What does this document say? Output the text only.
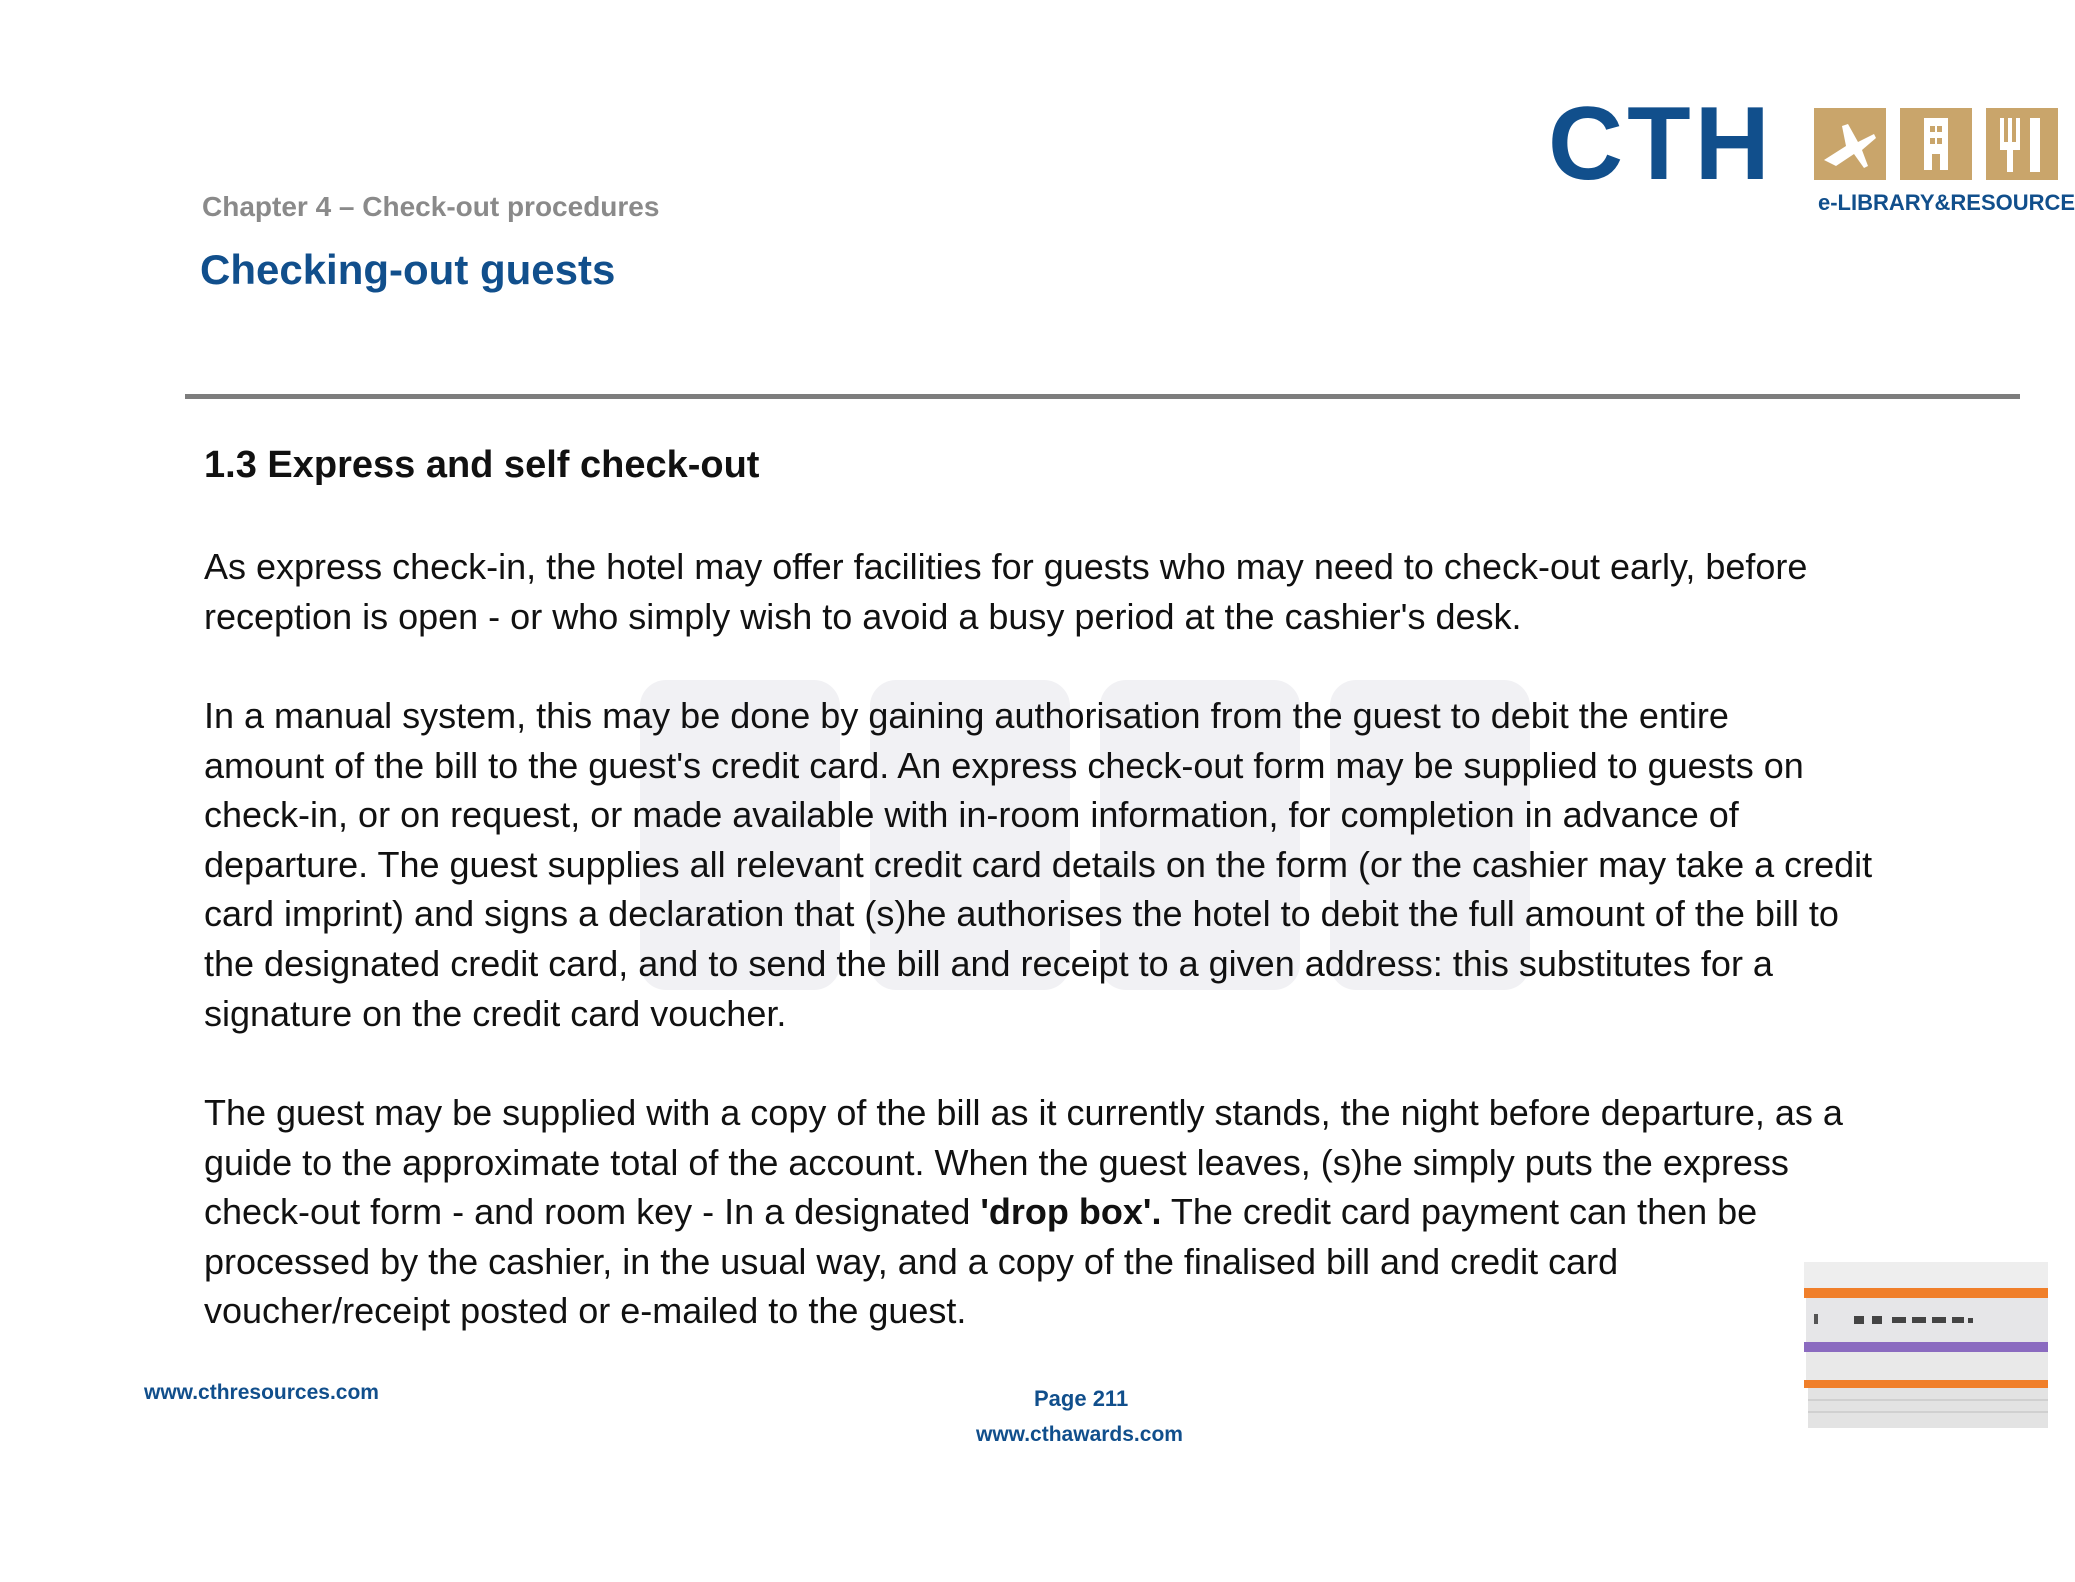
Chapter 4 – Check-out procedures
Checking-out guests
CTH
e-LIBRARY&RESOURCE
1.3 Express and self check-out

As express check-in, the hotel may offer facilities for guests who may need to check-out early, before
reception is open - or who simply wish to avoid a busy period at the cashier's desk.

In a manual system, this may be done by gaining authorisation from the guest to debit the entire
amount of the bill to the guest's credit card. An express check-out form may be supplied to guests on
check-in, or on request, or made available with in-room information, for completion in advance of
departure. The guest supplies all relevant credit card details on the form (or the cashier may take a credit
card imprint) and signs a declaration that (s)he authorises the hotel to debit the full amount of the bill to
the designated credit card, and to send the bill and receipt to a given address: this substitutes for a
signature on the credit card voucher.

The guest may be supplied with a copy of the bill as it currently stands, the night before departure, as a
guide to the approximate total of the account. When the guest leaves, (s)he simply puts the express
check-out form - and room key - In a designated 'drop box'. The credit card payment can then be
processed by the cashier, in the usual way, and a copy of the finalised bill and credit card
voucher/receipt posted or e-mailed to the guest.

www.cthresources.com	Page 211
www.cthawards.com
